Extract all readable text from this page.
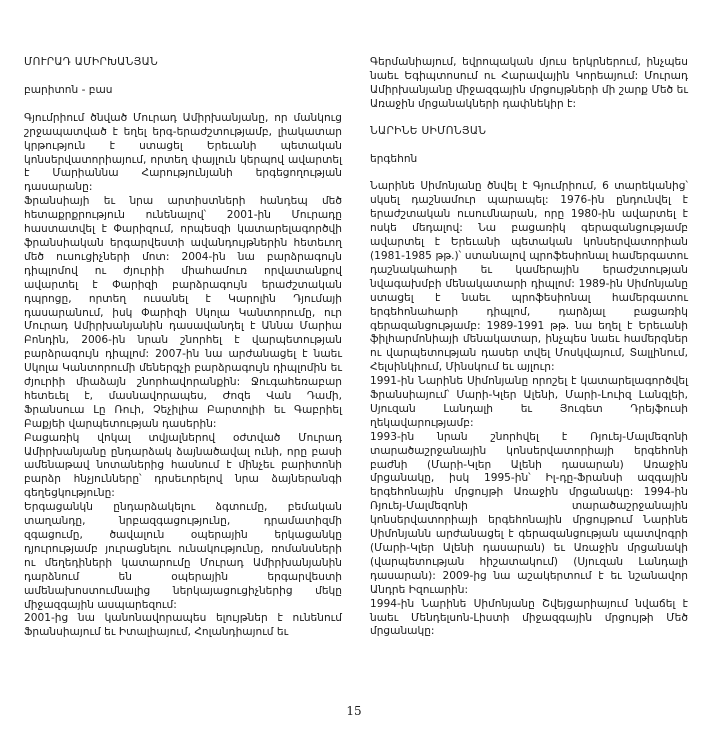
ՄՈՒՐԱԴ ԱՄԻՐԽԱՆՅԱՆ
բարիտոն - բաս

Գյումրիում ծնված Մուրադ Ամիրխանյանը, որ մանկուց շրջապատված է եղել երգ-երաժշտությամբ, լիակատար կրթություն է ստացել Երեւանի պետական կոնսերվատորիայում, որտեղ փայլուն կերպով ավարտել է Մարիաննա Հարությունյանի երգեցողության դասարանը:

Ֆրանսիայի եւ նրա արտիստների հանդեպ մեծ հետաքրքրություն ունենալով՝ 2001-ին Մուրադը հաստատվել է Փարիզում, որպեսզի կատարելագործվի ֆրանսիական երգարվեստի ավանդույթներին հետեւող մեծ ուսուցիչների մոտ: 2004-ին նա բարձրագույն դիպլոմով ու ժյուրիի միահամուռ որվատանքով ավարտել է Փարիզի բարձրագույն երաժշտական դպրոցը, որտեղ ուսանել է Կարոլին Դյումայի դասարանում, իսկ Փարիզի Սկոլա Կանտորումը, ուր Մուրադ Ամիրխանյանին դասավանդել է Աննա Մարիա Բոնդին, 2006-ին նրան շնորհել է վարպետության բարձրագույն դիպլոմ: 2007-ին նա արժանացել է նաեւ Սկոլա Կանտորումի մեներգչի բարձրագույն դիպլոմին եւ ժյուրիի միաձայն շնորհավորանքին: Ջուգահեռաբար հետեւել է, մասնավորապես, Ժոզե Վան Դամի, Ֆրանսուա Լը Ռուի, Չեչիլիա Բարտոլիի եւ Գաբրիել Բաքյեի վարպետության դասերին:

Բացառիկ վոկալ տվյալներով օժտված Մուրադ Ամիրխանյանը ընդարձակ ձայնածավալ ունի, որը բասի ամենաթավ նոտաներից հասնում է մինչեւ բարիտոնի բարձր հնչյունները՝ դրսեւորելով նրա ձայներանգի գեղեցկությունը:

Երգացանկն ընդարձակելու ձգտումը, բեմական տաղանդը, նրբազգացությունը, դրամատիզմի զգացումը, ծավալուն օպերային երկացանկը դյուրությամբ յուրացնելու ունակությունը, ռոմանսների ու մեղեդիների կատարումը Մուրադ Ամիրխանյանին դարձնում են օպերային երգարվեստի ամենախոստումնալից ներկայացուցիչներից մեկը միջազգային ասպարեզում:

2001-ից նա կանոնավորապես ելույթներ է ունենում Ֆրանսիայում եւ Իտալիայում, Հոլանդիայում եւ

Գերմանիայում, եվրոպական մյուս երկրներում, ինչպես նաեւ Եգիպտոսում ու Հարավային Կորեայում: Մուրադ Ամիրխանյանը միջազգային մրցույթների մի շարք Մեծ եւ Առաջին մրցանակների դափնեկիր է:

ՆԱՐԻՆԵ ՍԻՄՈՆՅԱՆ
երգեհոն

Նարինե Սիմոնյանը ծնվել է Գյումրիում, 6 տարեկանից՝ սկսել դաշնամուր պարապել: 1976-ին ընդունվել է երաժշտական ուսումնարան, որը 1980-ին ավարտել է ոսկե մեդալով: Նա բացառիկ գերազանցությամբ ավարտել է Երեւանի պետական կոնսերվատորիան (1981-1985 թթ.)՝ ստանալով պրոֆեսիոնալ համերգատու դաշնակահարի եւ կամերային երաժշտության նվագախմբի մենակատարի դիպլոմ: 1989-ին Սիմոնյանը ստացել է նաեւ պրոֆեսիոնալ համերգատու երգեհոնահարի դիպլոմ, դարձյալ բացառիկ գերազանցությամբ: 1989-1991 թթ. նա եղել է Երեւանի ֆիլհարմոնիայի մենակատար, ինչպես նաեւ համերգներ ու վարպետության դասեր տվել Մոսկվայում, Տալլինում, Հելսինկիում, Մինսկում եւ այլուր:

1991-ին Նարինե Սիմոնյանը որոշել է կատարելագործվել Ֆրանսիայում՝ Մարի-Կլեր Ալենի, Մարի-Լուիզ Լանգլեի, Սյուզան Լանդալի եւ Յուգետ Դրեյֆուսի ղեկավարությամբ:

1993-ին նրան շնորհվել է Ռյուեյ-Մալմեզոնի տարածաշրջանային կոնսերվատորիայի երգեհոնի բաժնի (Մարի-Կլեր Ալենի դասարան) Առաջին մրցանակը, իսկ 1995-ին՝ Իլ-դը-Ֆրանսի ազգային երգեհոնային մրցույթի Առաջին մրցանակը: 1994-ին Ռյուեյ-Մալմեզոնի տարածաշրջանային կոնսերվատորիայի երգեհոնային մրցույթում Նարինե Սիմոնյանն արժանացել է գերազանցության պատվոգրի (Մարի-Կլեր Ալենի դասարան) եւ Առաջին մրցանակի (վարպետության հիշատակում) (Սյուզան Լանդալի դասարան): 2009-ից նա աշակերտում է եւ նշանավոր Անդրե Իզուարին:

1994-ին Նարինե Սիմոնյանը Շվեյցարիայում նվաճել է նաեւ Մենդելսոն-Լիստի միջազգային մրցույթի Մեծ մրցանակը:

15
